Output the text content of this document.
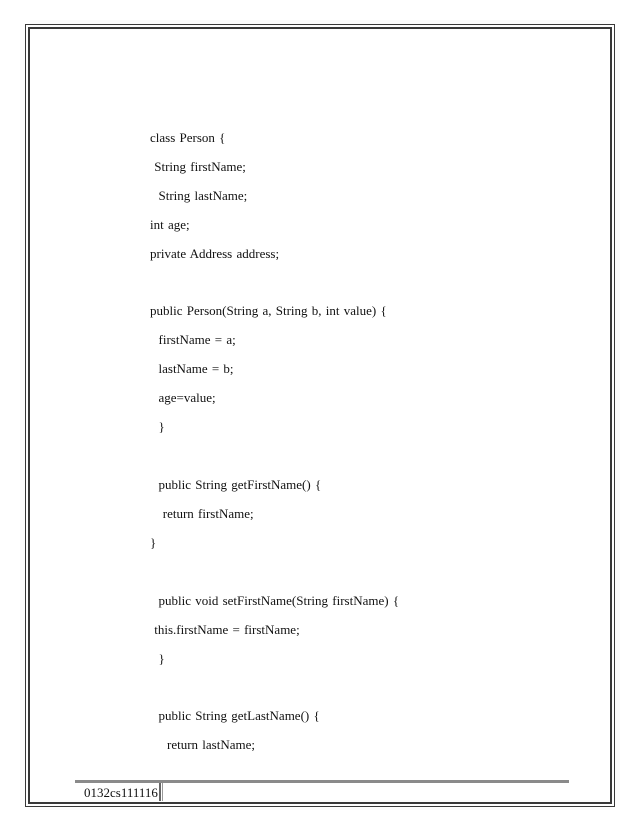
class Person {
String firstName;
String lastName;
int age;
private Address address;
public Person(String a, String b, int value) {
firstName = a;
lastName = b;
age=value;
}
public String getFirstName() {
return firstName;
}
public void setFirstName(String firstName) {
this.firstName = firstName;
}
public String getLastName() {
return lastName;
0132cs111116
